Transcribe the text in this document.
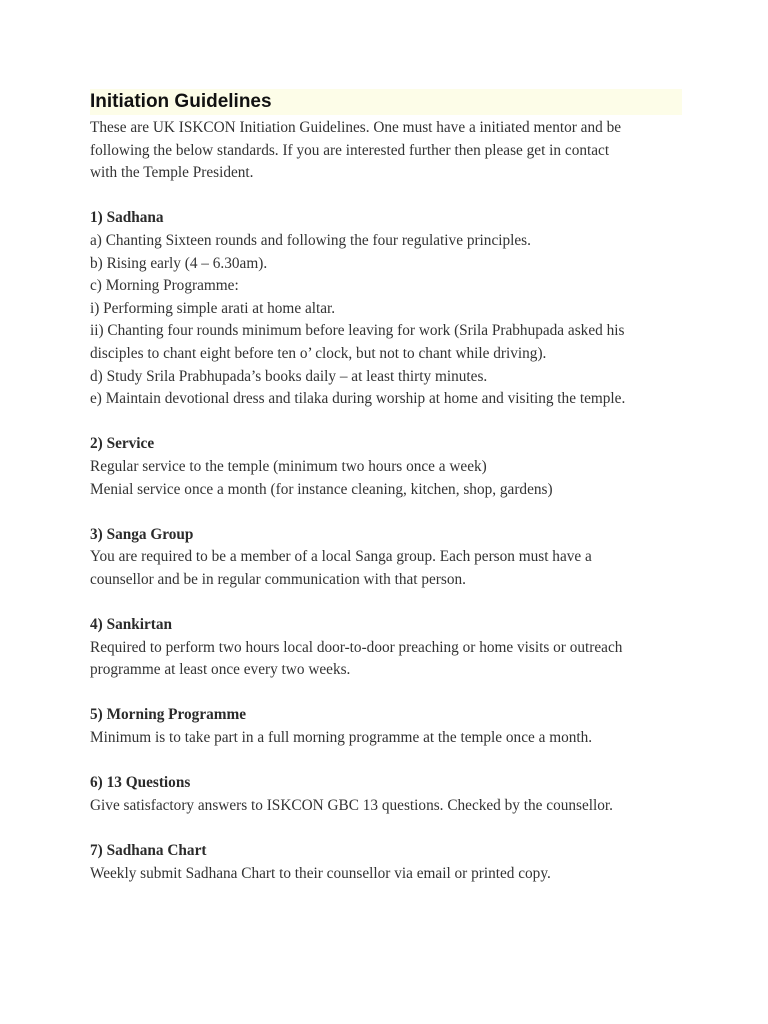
Initiation Guidelines
These are UK ISKCON Initiation Guidelines. One must have a initiated mentor and be
following the below standards. If you are interested further then please get in contact
with the Temple President.
1) Sadhana
a) Chanting Sixteen rounds and following the four regulative principles.
b) Rising early (4 – 6.30am).
c) Morning Programme:
i) Performing simple arati at home altar.
ii) Chanting four rounds minimum before leaving for work (Srila Prabhupada asked his
disciples to chant eight before ten o’ clock, but not to chant while driving).
d) Study Srila Prabhupada’s books daily – at least thirty minutes.
e) Maintain devotional dress and tilaka during worship at home and visiting the temple.
2) Service
Regular service to the temple (minimum two hours once a week)
Menial service once a month (for instance cleaning, kitchen, shop, gardens)
3) Sanga Group
You are required to be a member of a local Sanga group. Each person must have a
counsellor and be in regular communication with that person.
4) Sankirtan
Required to perform two hours local door-to-door preaching or home visits or outreach
programme at least once every two weeks.
5) Morning Programme
Minimum is to take part in a full morning programme at the temple once a month.
6) 13 Questions
Give satisfactory answers to ISKCON GBC 13 questions. Checked by the counsellor.
7) Sadhana Chart
Weekly submit Sadhana Chart to their counsellor via email or printed copy.
